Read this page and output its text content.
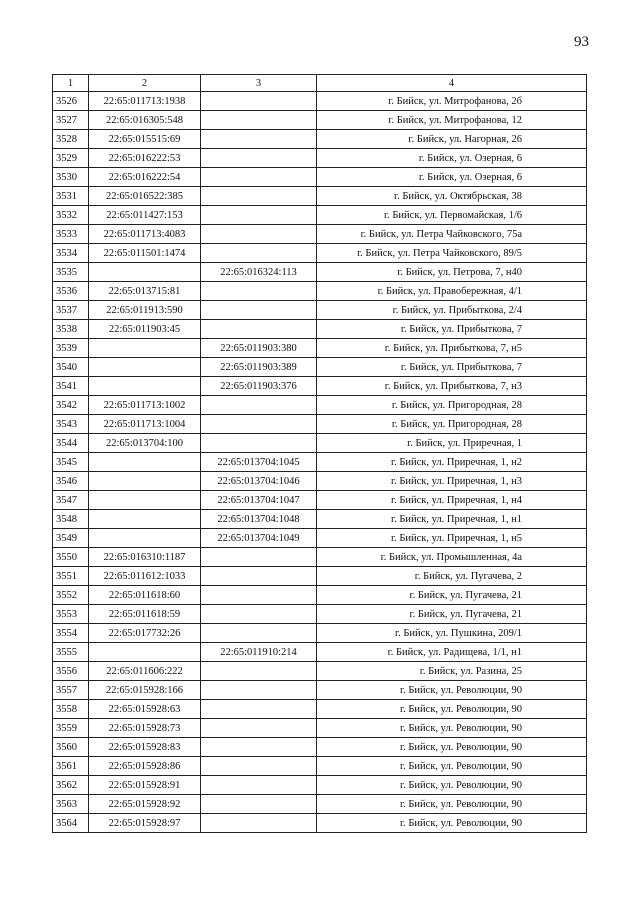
93
1	2	3	4
3526	22:65:011713:1938		г. Бийск, ул. Митрофанова, 2б
3527	22:65:016305:548		г. Бийск, ул. Митрофанова, 12
3528	22:65:015515:69		г. Бийск, ул. Нагорная, 26
3529	22:65:016222:53		г. Бийск, ул. Озерная, 6
3530	22:65:016222:54		г. Бийск, ул. Озерная, 6
3531	22:65:016522:385		г. Бийск, ул. Октябрьская, 38
3532	22:65:011427:153		г. Бийск, ул. Первомайская, 1/6
3533	22:65:011713:4083		г. Бийск, ул. Петра Чайковского, 75а
3534	22:65:011501:1474		г. Бийск, ул. Петра Чайковского, 89/5
3535		22:65:016324:113	г. Бийск, ул. Петрова, 7, н40
3536	22:65:013715:81		г. Бийск, ул. Правобережная, 4/1
3537	22:65:011913:590		г. Бийск, ул. Прибыткова, 2/4
3538	22:65:011903:45		г. Бийск, ул. Прибыткова, 7
3539		22:65:011903:380	г. Бийск, ул. Прибыткова, 7, н5
3540		22:65:011903:389	г. Бийск, ул. Прибыткова, 7
3541		22:65:011903:376	г. Бийск, ул. Прибыткова, 7, н3
3542	22:65:011713:1002		г. Бийск, ул. Пригородная, 28
3543	22:65:011713:1004		г. Бийск, ул. Пригородная, 28
3544	22:65:013704:100		г. Бийск, ул. Приречная, 1
3545		22:65:013704:1045	г. Бийск, ул. Приречная, 1, н2
3546		22:65:013704:1046	г. Бийск, ул. Приречная, 1, н3
3547		22:65:013704:1047	г. Бийск, ул. Приречная, 1, н4
3548		22:65:013704:1048	г. Бийск, ул. Приречная, 1, н1
3549		22:65:013704:1049	г. Бийск, ул. Приречная, 1, н5
3550	22:65:016310:1187		г. Бийск, ул. Промышленная, 4а
3551	22:65:011612:1033		г. Бийск, ул. Пугачева, 2
3552	22:65:011618:60		г. Бийск, ул. Пугачева, 21
3553	22:65:011618:59		г. Бийск, ул. Пугачева, 21
3554	22:65:017732:26		г. Бийск, ул. Пушкина, 209/1
3555		22:65:011910:214	г. Бийск, ул. Радищева, 1/1, н1
3556	22:65:011606:222		г. Бийск, ул. Разина, 25
3557	22:65:015928:166		г. Бийск, ул. Революции, 90
3558	22:65:015928:63		г. Бийск, ул. Революции, 90
3559	22:65:015928:73		г. Бийск, ул. Революции, 90
3560	22:65:015928:83		г. Бийск, ул. Революции, 90
3561	22:65:015928:86		г. Бийск, ул. Революции, 90
3562	22:65:015928:91		г. Бийск, ул. Революции, 90
3563	22:65:015928:92		г. Бийск, ул. Революции, 90
3564	22:65:015928:97		г. Бийск, ул. Революции, 90
